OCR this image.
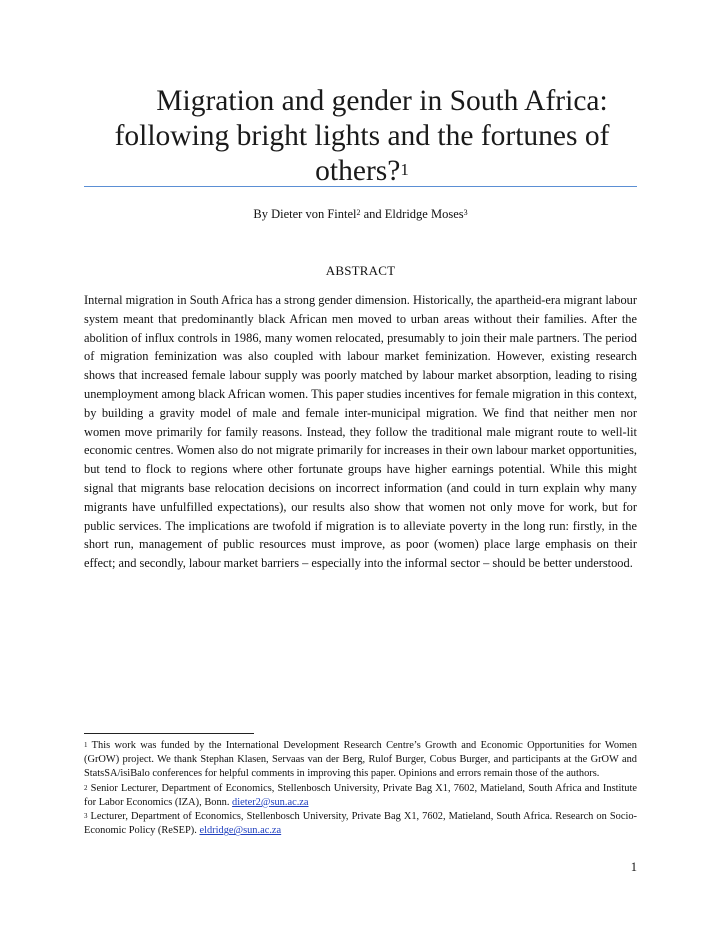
Migration and gender in South Africa:
following bright lights and the fortunes of
others?$^1$
By Dieter von Fintel$^2$ and Eldridge Moses$^3$
ABSTRACT

Internal migration in South Africa has a strong gender dimension. Historically, the apartheid-era migrant labour system meant that predominantly black African men moved to urban areas without their families. After the abolition of influx controls in 1986, many women relocated, presumably to join their male partners. The period of migration feminization was also coupled with labour market feminization. However, existing research shows that increased female labour supply was poorly matched by labour market absorption, leading to rising unemployment among black African women. This paper studies incentives for female migration in this context, by building a gravity model of male and female inter-municipal migration. We find that neither men nor women move primarily for family reasons. Instead, they follow the traditional male migrant route to well-lit economic centres. Women also do not migrate primarily for increases in their own labour market opportunities, but tend to flock to regions where other fortunate groups have higher earnings potential. While this might signal that migrants base relocation decisions on incorrect information (and could in turn explain why many migrants have unfulfilled expectations), our results also show that women not only move for work, but for public services. The implications are twofold if migration is to alleviate poverty in the long run: firstly, in the short run, management of public resources must improve, as poor (women) place large emphasis on their effect; and secondly, labour market barriers – especially into the informal sector – should be better understood.

$^1$ This work was funded by the International Development Research Centre’s Growth and Economic Opportunities for Women (GrOW) project. We thank Stephan Klasen, Servaas van der Berg, Rulof Burger, Cobus Burger, and participants at the GrOW and StatsSA/isiBalo conferences for helpful comments in improving this paper. Opinions and errors remain those of the authors.

$^2$ Senior Lecturer, Department of Economics, Stellenbosch University, Private Bag X1, 7602, Matieland, South Africa and Institute for Labor Economics (IZA), Bonn. dieter2@sun.ac.za

$^3$ Lecturer, Department of Economics, Stellenbosch University, Private Bag X1, 7602, Matieland, South Africa. Research on Socio-Economic Policy (ReSEP). eldridge@sun.ac.za

1
